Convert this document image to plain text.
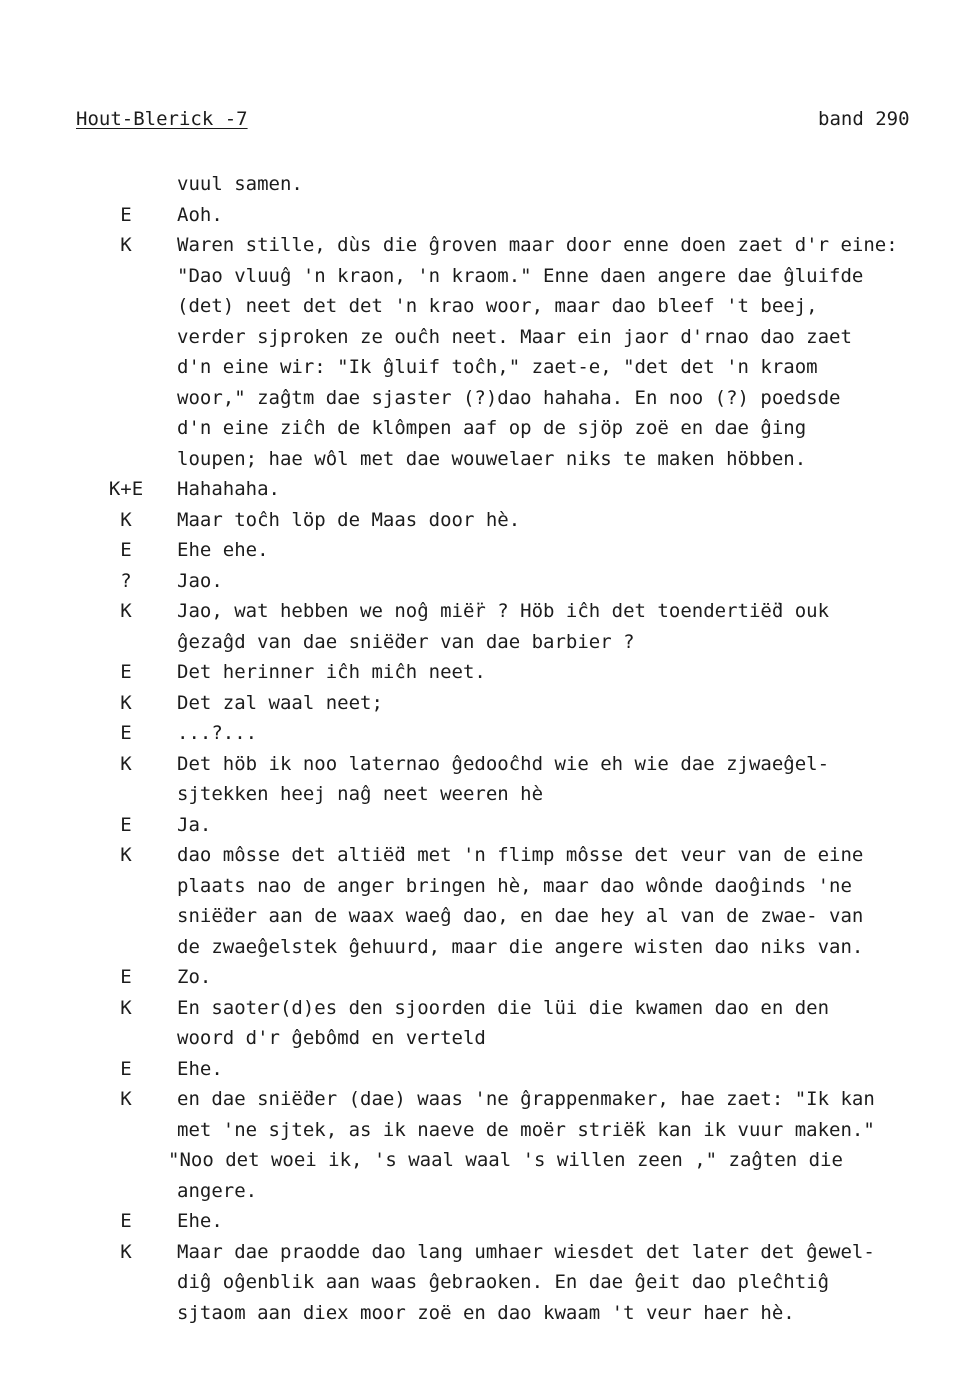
Hout-Blerick -7	band 290
vuul samen.
E	Aoh.
K	Waren stille, dùs die ĝroven maar door enne doen zaet d'r eine:
"Dao vluuĝ 'n kraon, 'n kraom." Enne daen angere dae ĝluifde
(det) neet det det 'n krao woor, maar dao bleef 't beej,
verder sjproken ze ouĉh neet. Maar ein jaor d'rnao dao zaet
d'n eine wir: "Ik ĝluif toĉh," zaet-e, "det det 'n kraom
woor," zaĝtm dae sjaster (?)dao hahaha. En noo (?) poedsde
d'n eine ziĉh de klômpen aaf op de sjöp zoë en dae ĝing
loupen; hae wôl met dae wouwelaer niks te maken höbben.
K+E	Hahahaha.
K	Maar toĉh löp de Maas door hè.
E	Ehe ehe.
?	Jao.
K	Jao, wat hebben we noĝ mië̈r ? Höb iĉh det toendertië̈d ouk
ĝezaĝd van dae snië̈der van dae barbier ?
E	Det herinner iĉh miĉh neet.
K	Det zal waal neet;
E	...?...
K	Det höb ik noo laternao ĝedooĉhd wie eh wie dae zjwaeĝel-
sjtekken heej naĝ neet weeren hè
E	Ja.
K	dao môsse det altië̈d met 'n flimp môsse det veur van de eine
plaats nao de anger bringen hè, maar dao wônde daoĝinds 'ne
snië̈der aan de waax waeĝ dao, en dae hey al van de zwae- van
de zwaeĝelstek ĝehuurd, maar die angere wisten dao niks van.
E	Zo.
K	En saoter(d)es den sjoorden die lüi die kwamen dao en den
woord d'r ĝebômd en verteld
E	Ehe.
K	en dae snië̈der (dae) waas 'ne ĝrappenmaker, hae zaet: "Ik kan
met 'ne sjtek, as ik naeve de moër strië̈k kan ik vuur maken."
"Noo det woei ik, 's waal waal 's willen zeen ," zaĝten die
angere.
E	Ehe.
K	Maar dae praodde dao lang umhaer wiesdet det later det ĝewel-
diĝ oĝenblik aan waas ĝebraoken. En dae ĝeit dao pleĉhtiĝ
sjtaom aan diex moor zoë en dao kwaam 't veur haer hè.
